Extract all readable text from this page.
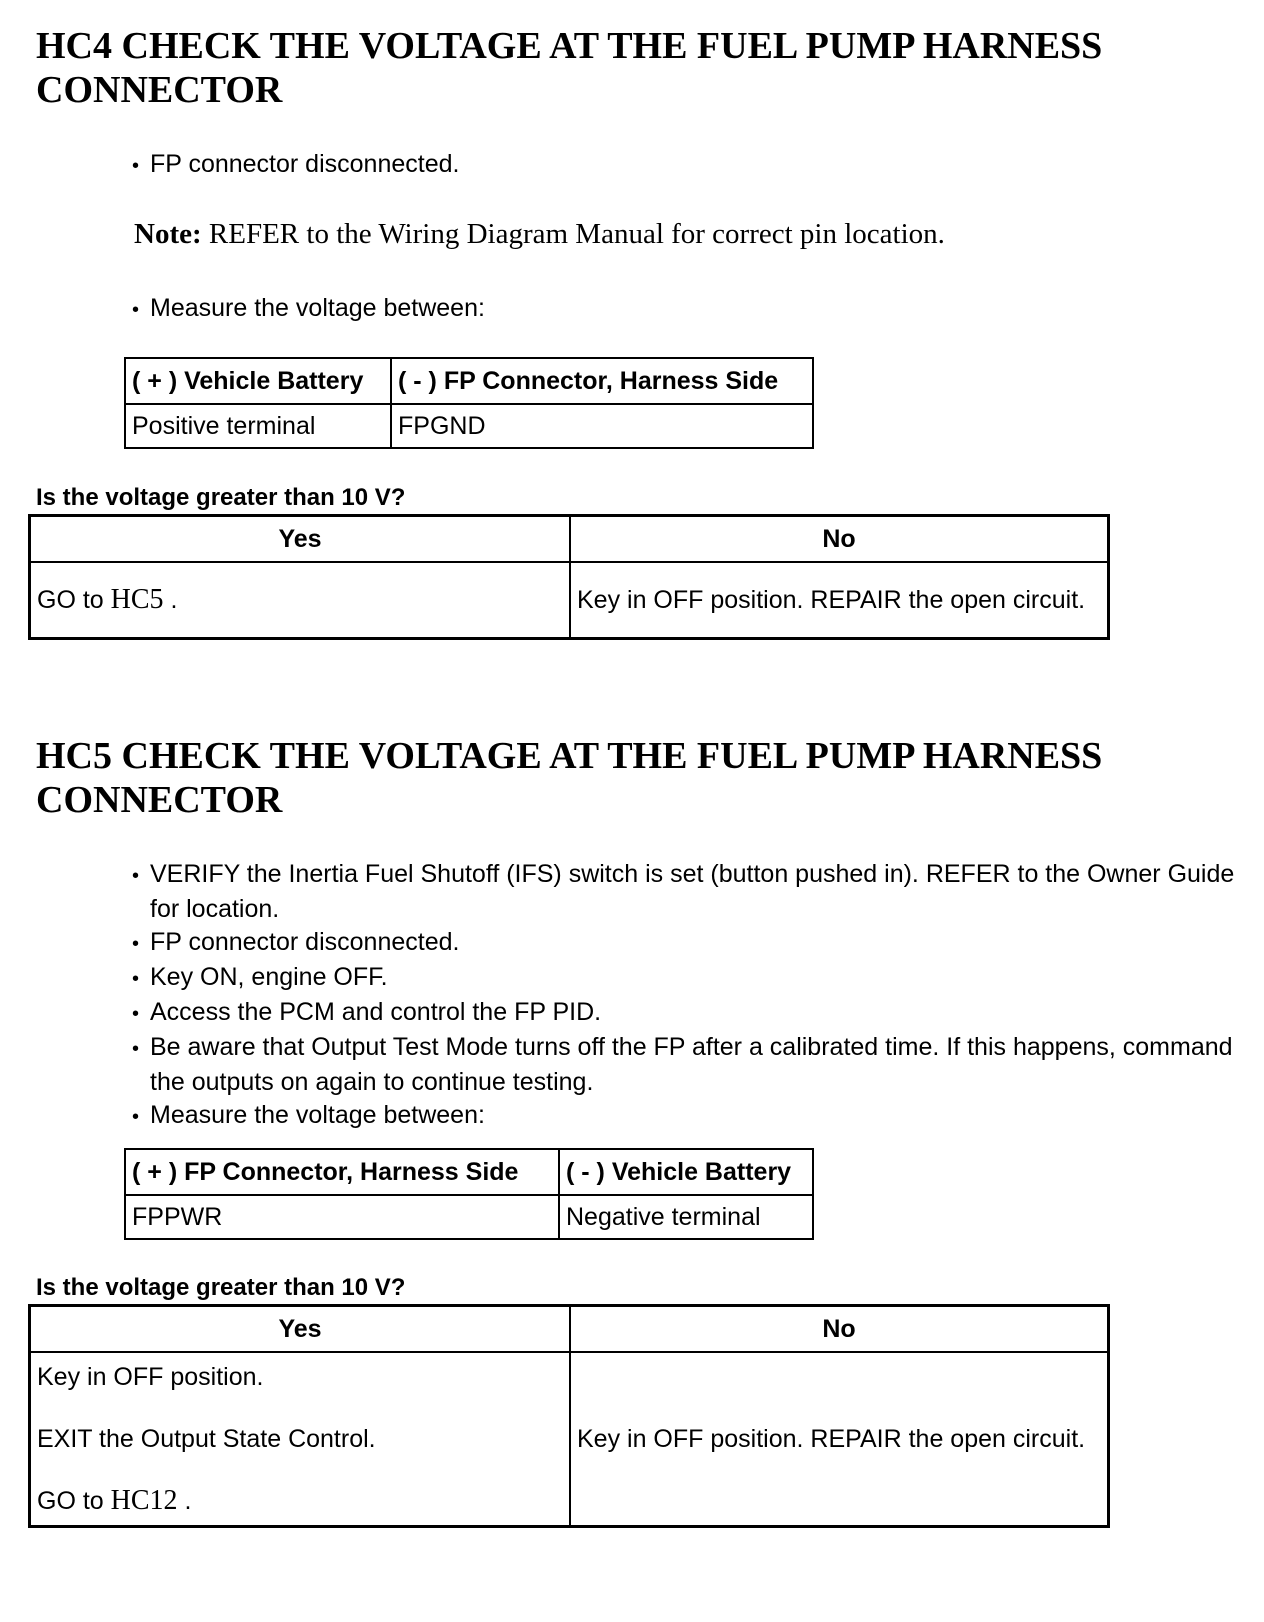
HC4 CHECK THE VOLTAGE AT THE FUEL PUMP HARNESS CONNECTOR
• FP connector disconnected.
Note: REFER to the Wiring Diagram Manual for correct pin location.
• Measure the voltage between:
( + ) Vehicle Battery	( - ) FP Connector, Harness Side
Positive terminal	FPGND
Is the voltage greater than 10 V?
Yes	No
GO to HC5 .	Key in OFF position. REPAIR the open circuit.
HC5 CHECK THE VOLTAGE AT THE FUEL PUMP HARNESS CONNECTOR
• VERIFY the Inertia Fuel Shutoff (IFS) switch is set (button pushed in). REFER to the Owner Guide for location.
• FP connector disconnected.
• Key ON, engine OFF.
• Access the PCM and control the FP PID.
• Be aware that Output Test Mode turns off the FP after a calibrated time. If this happens, command the outputs on again to continue testing.
• Measure the voltage between:
( + ) FP Connector, Harness Side	( - ) Vehicle Battery
FPPWR	Negative terminal
Is the voltage greater than 10 V?
Yes	No

Key in OFF position.
EXIT the Output State Control.
GO to HC12 .	Key in OFF position. REPAIR the open circuit.
